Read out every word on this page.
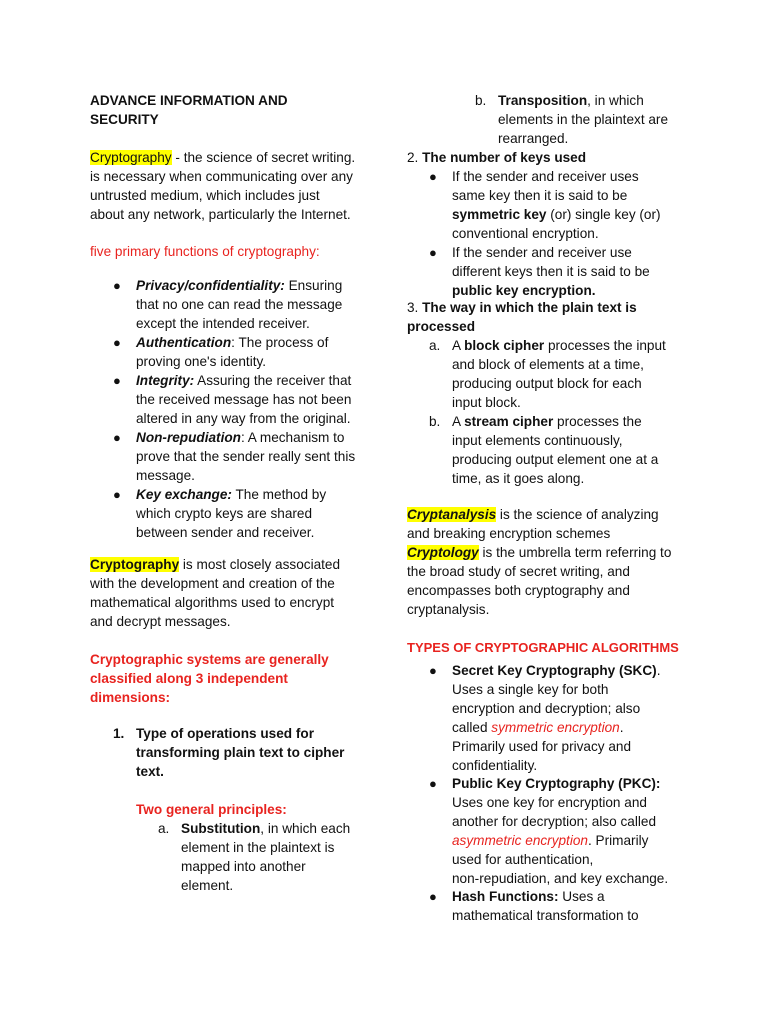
ADVANCE INFORMATION AND
SECURITY
Cryptography - the science of secret writing.
is necessary when communicating over any
untrusted medium, which includes just
about any network, particularly the Internet.
five primary functions of cryptography:
● Privacy/confidentiality: Ensuring
that no one can read the message
except the intended receiver.
● Authentication: The process of
proving one's identity.
● Integrity: Assuring the receiver that
the received message has not been
altered in any way from the original.
● Non-repudiation: A mechanism to
prove that the sender really sent this
message.
● Key exchange: The method by
which crypto keys are shared
between sender and receiver.
Cryptography is most closely associated
with the development and creation of the
mathematical algorithms used to encrypt
and decrypt messages.
Cryptographic systems are generally
classified along 3 independent
dimensions:
1. Type of operations used for
transforming plain text to cipher
text.
Two general principles:
a. Substitution, in which each
element in the plaintext is
mapped into another
element.
b. Transposition, in which
elements in the plaintext are
rearranged.
2. The number of keys used
● If the sender and receiver uses
same key then it is said to be
symmetric key (or) single key (or)
conventional encryption.
● If the sender and receiver use
different keys then it is said to be
public key encryption.
3. The way in which the plain text is
processed
a. A block cipher processes the input
and block of elements at a time,
producing output block for each
input block.
b. A stream cipher processes the
input elements continuously,
producing output element one at a
time, as it goes along.
Cryptanalysis is the science of analyzing
and breaking encryption schemes
Cryptology is the umbrella term referring to
the broad study of secret writing, and
encompasses both cryptography and
cryptanalysis.
TYPES OF CRYPTOGRAPHIC ALGORITHMS
● Secret Key Cryptography (SKC).
Uses a single key for both
encryption and decryption; also
called symmetric encryption.
Primarily used for privacy and
confidentiality.
● Public Key Cryptography (PKC):
Uses one key for encryption and
another for decryption; also called
asymmetric encryption. Primarily
used for authentication,
non-repudiation, and key exchange.
● Hash Functions: Uses a
mathematical transformation to
